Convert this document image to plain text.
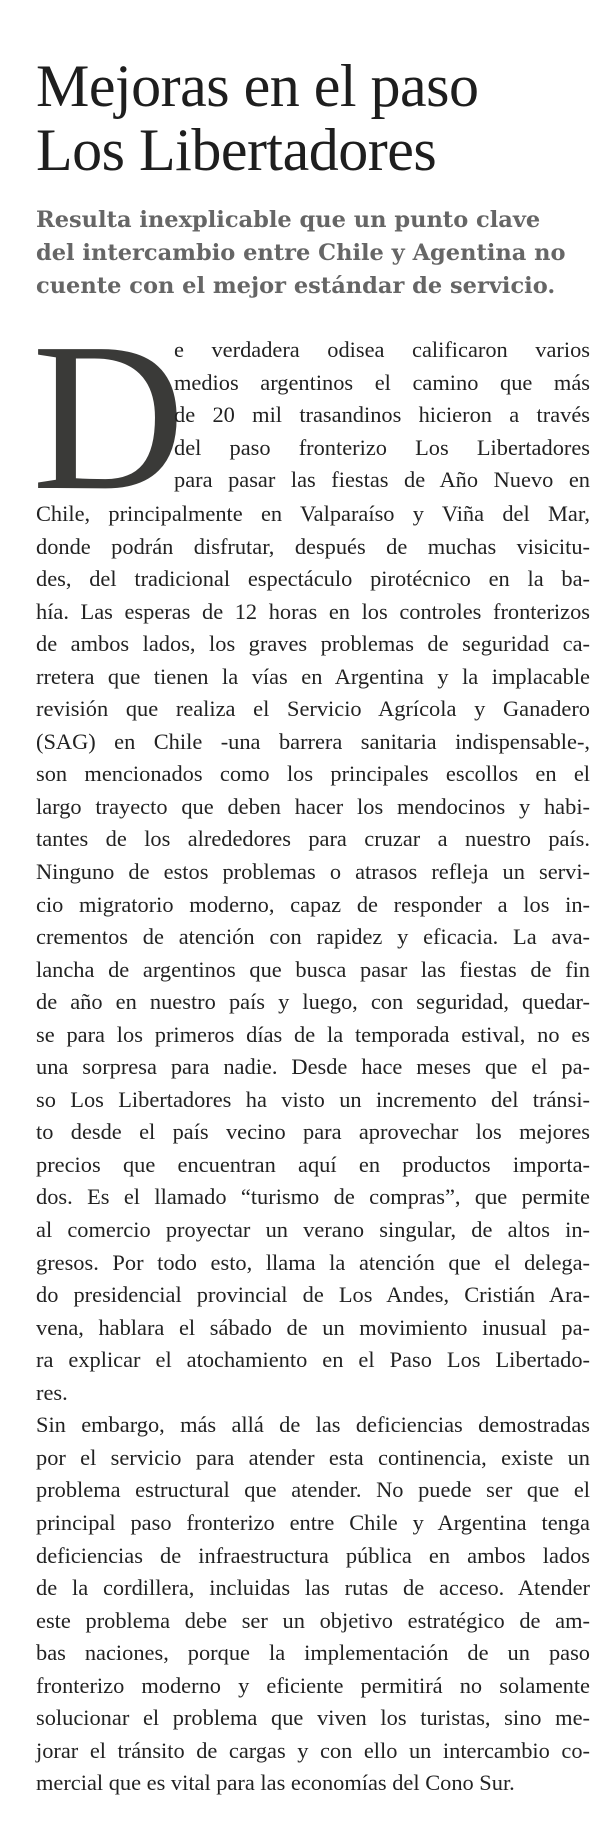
Mejoras en el paso
Los Libertadores
Resulta inexplicable que un punto clave
del intercambio entre Chile y Agentina no
cuente con el mejor estándar de servicio.
D
e verdadera odisea calificaron varios
medios argentinos el camino que más
de 20 mil trasandinos hicieron a través
del paso fronterizo Los Libertadores
para pasar las fiestas de Año Nuevo en
Chile, principalmente en Valparaíso y Viña del Mar,
donde podrán disfrutar, después de muchas visicitu-
des, del tradicional espectáculo pirotécnico en la ba-
hía. Las esperas de 12 horas en los controles fronterizos
de ambos lados, los graves problemas de seguridad ca-
rretera que tienen la vías en Argentina y la implacable
revisión que realiza el Servicio Agrícola y Ganadero
(SAG) en Chile -una barrera sanitaria indispensable-,
son mencionados como los principales escollos en el
largo trayecto que deben hacer los mendocinos y habi-
tantes de los alrededores para cruzar a nuestro país.
Ninguno de estos problemas o atrasos refleja un servi-
cio migratorio moderno, capaz de responder a los in-
crementos de atención con rapidez y eficacia. La ava-
lancha de argentinos que busca pasar las fiestas de fin
de año en nuestro país y luego, con seguridad, quedar-
se para los primeros días de la temporada estival, no es
una sorpresa para nadie. Desde hace meses que el pa-
so Los Libertadores ha visto un incremento del tránsi-
to desde el país vecino para aprovechar los mejores
precios que encuentran aquí en productos importa-
dos. Es el llamado “turismo de compras”, que permite
al comercio proyectar un verano singular, de altos in-
gresos. Por todo esto, llama la atención que el delega-
do presidencial provincial de Los Andes, Cristián Ara-
vena, hablara el sábado de un movimiento inusual pa-
ra explicar el atochamiento en el Paso Los Libertado-
res.
Sin embargo, más allá de las deficiencias demostradas
por el servicio para atender esta continencia, existe un
problema estructural que atender. No puede ser que el
principal paso fronterizo entre Chile y Argentina tenga
deficiencias de infraestructura pública en ambos lados
de la cordillera, incluidas las rutas de acceso. Atender
este problema debe ser un objetivo estratégico de am-
bas naciones, porque la implementación de un paso
fronterizo moderno y eficiente permitirá no solamente
solucionar el problema que viven los turistas, sino me-
jorar el tránsito de cargas y con ello un intercambio co-
mercial que es vital para las economías del Cono Sur.
